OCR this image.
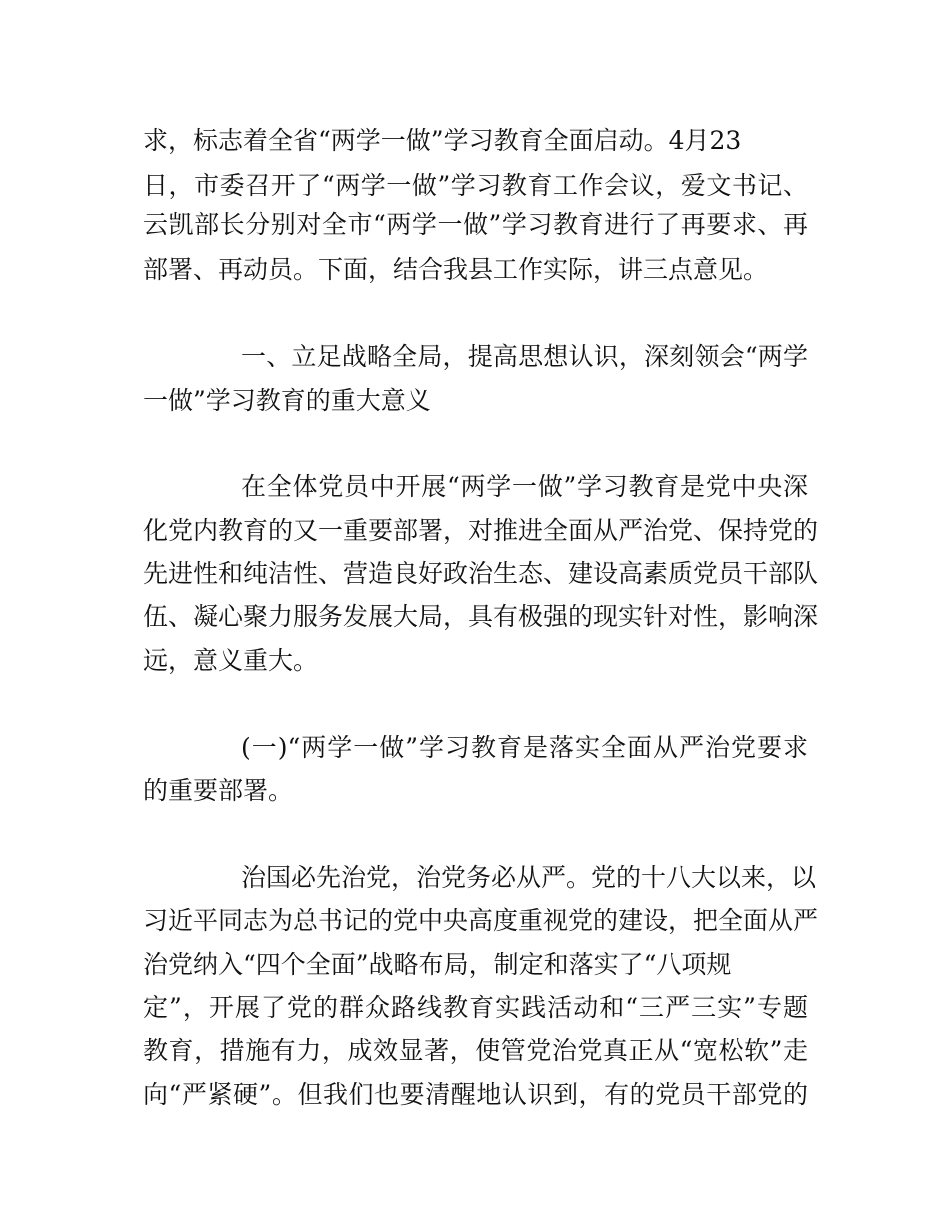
求，标志着全省“两学一做”学习教育全面启动。4月23
日，市委召开了“两学一做”学习教育工作会议，爱文书记、
云凯部长分别对全市“两学一做”学习教育进行了再要求、再
部署、再动员。下面，结合我县工作实际，讲三点意见。
一、立足战略全局，提高思想认识，深刻领会“两学
一做”学习教育的重大意义
在全体党员中开展“两学一做”学习教育是党中央深
化党内教育的又一重要部署，对推进全面从严治党、保持党的
先进性和纯洁性、营造良好政治生态、建设高素质党员干部队
伍、凝心聚力服务发展大局，具有极强的现实针对性，影响深
远，意义重大。
(一)“两学一做”学习教育是落实全面从严治党要求
的重要部署。
治国必先治党，治党务必从严。党的十八大以来，以
习近平同志为总书记的党中央高度重视党的建设，把全面从严
治党纳入“四个全面”战略布局，制定和落实了“八项规
定”，开展了党的群众路线教育实践活动和“三严三实”专题
教育，措施有力，成效显著，使管党治党真正从“宽松软”走
向“严紧硬”。但我们也要清醒地认识到，有的党员干部党的
